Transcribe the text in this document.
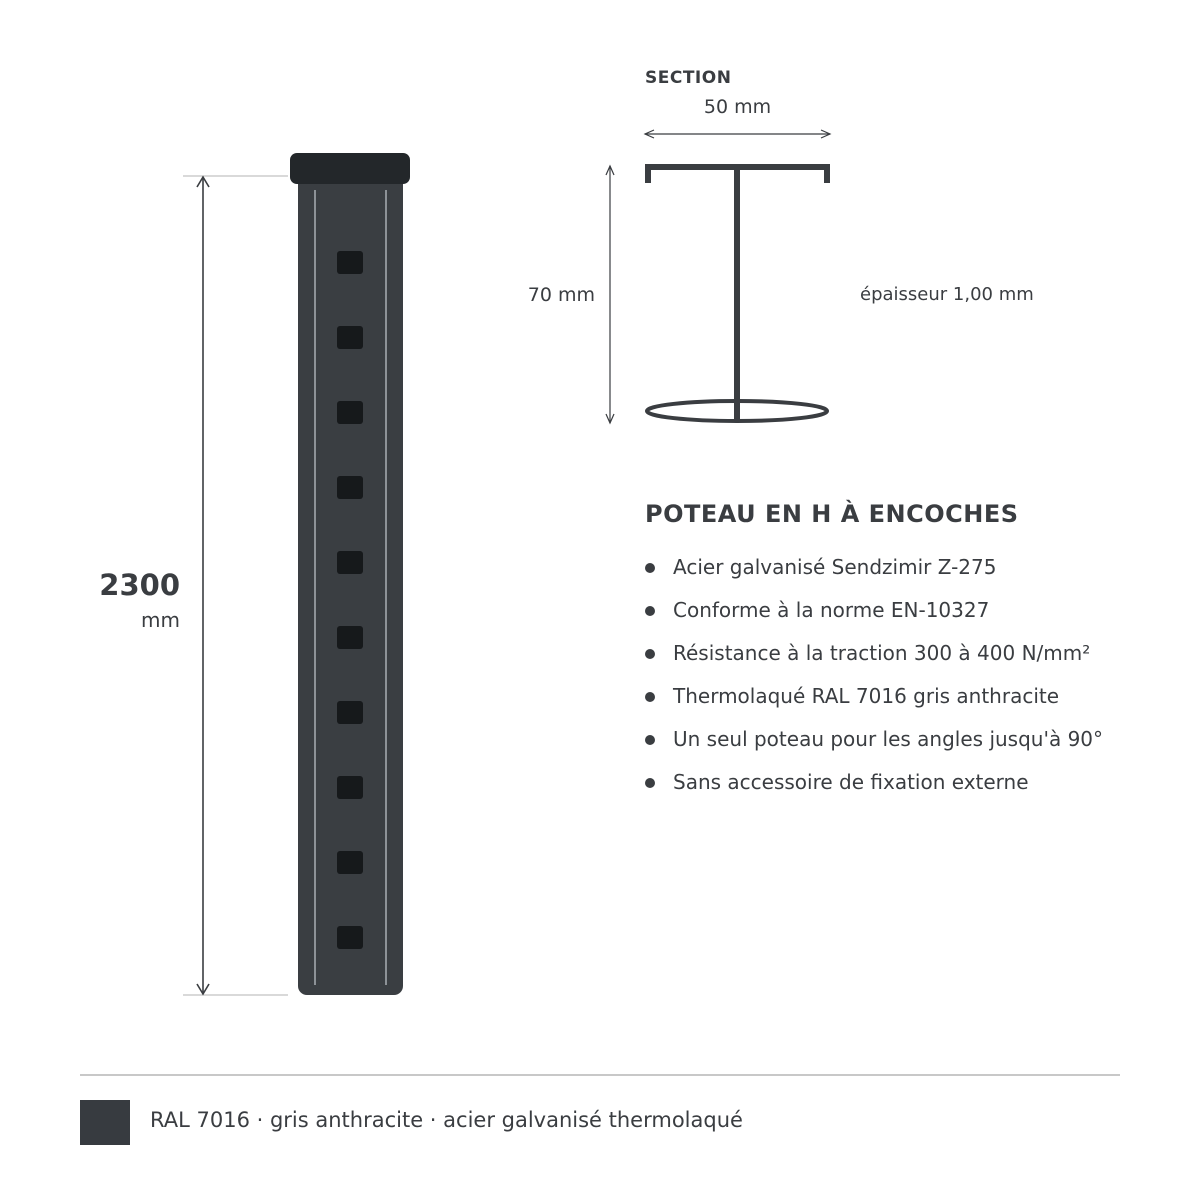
2300
mm
SECTION
50 mm
70 mm	épaisseur 1,00 mm
POTEAU EN H À ENCOCHES
Acier galvanisé Sendzimir Z-275
Conforme à la norme EN-10327
Résistance à la traction 300 à 400 N/mm²
Thermolaqué RAL 7016 gris anthracite
Un seul poteau pour les angles jusqu'à 90°
Sans accessoire de fixation externe
RAL 7016 · gris anthracite · acier galvanisé thermolaqué
